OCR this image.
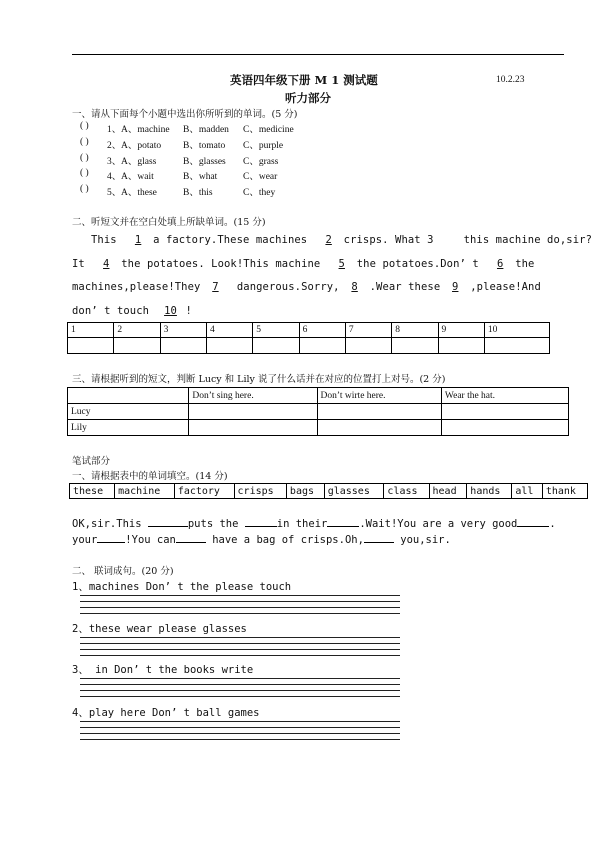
英语四年级下册 M 1 测试题	10.2.23
听力部分
一、请从下面每个小题中选出你所听到的单词。(5 分)
( ) 1、 A、machine B、madden C、medicine
( ) 2、 A、potato B、tomato C、purple
( ) 3、 A、glass	B、glasses C、grass
( ) 4、 A、wait	B、what	C、wear
( ) 5、 A、these	B、this	C、they
二、听短文并在空白处填上所缺单词。(15 分)
This 1 a factory.These machines 2 crisps. What 3	this machine do,sir?
It 4 the potatoes. Look!This machine 5 the potatoes.Don’ t 6 the
machines,please!They 7 dangerous.Sorry, 8 .Wear these 9 ,please!And
don’ t touch 10 !
1	2	3	4	5	6	7	8	9	10

三、请根据听到的短文，判断 Lucy 和 Lily 说了什么话并在对应的位置打上对号。(2 分)
	Don’t sing here.	Don’t wirte here.	Wear the hat.
Lucy			
Lily			
笔试部分
一、请根据表中的单词填空。(14 分)
these	machine	factory	crisps	bags	glasses	class	head	hands	all	thank
OK,sir.This	puts the	in their	.Wait!You are a very good	.
your	!You can	have a bag of crisps.Oh,	you,sir.
二、 联词成句。(20 分)
1、machines Don’ t the please touch
2、these wear please glasses
3、 in Don’ t the books write
4、play here Don’ t ball games
